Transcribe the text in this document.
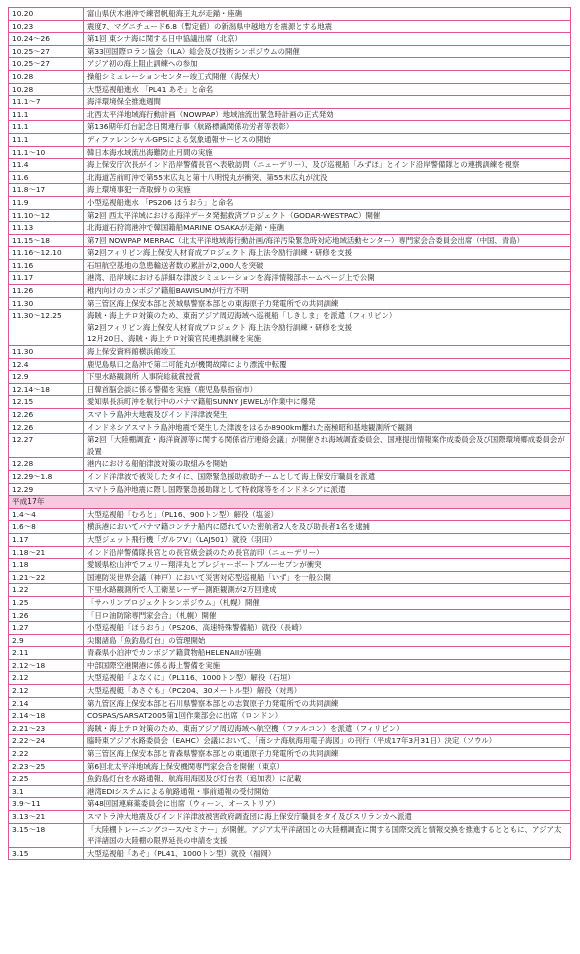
10.20	富山県伏木港沖で練習帆船海王丸が走錨・座礁
10.23	震度7、マグニチュード6.8（暫定値）の新潟県中越地方を震源とする地震
10.24～26	第1回 東シナ海に関する日中協議出席（北京）
10.25～27	第33回国際ロラン協会（ILA）総会及び技術シンポジウムの開催
10.25～27	アジア初の海上阻止訓練への参加
10.28	操船シミュレーションセンター竣工式開催（海保大）
10.28	大型巡視船進水 「PL41 あそ」と命名
11.1～7	海洋環境保全推進週間
11.1	北西太平洋地域海行動計画（NOWPAP）地域油流出緊急時計画の正式発効
11.1	第136期年灯台記念日関連行事（航路標識関係功労者等表彰）
11.1	ディファレンシャルGPSによる気象通報サービスの開始
11.1～10	韓日本海水域流出海難防止月間の実施
11.4	海上保安庁次長がインド沿岸警備長官へ表敬訪問（ニューデリー）、及び巡視船「みずほ」とインド沿岸警備隊との連携訓練を視察
11.6	北海道苫前町沖で第55末広丸と第十八明悦丸が衝突、第55末広丸が沈没
11.8～17	海上環境事犯一斉取締りの実施
11.9	小型巡視船進水 「PS206 ほうおう」と命名
11.10～12	第2回 西太平洋域における海洋データ発掘救済プロジェクト（GODAR-WESTPAC）開催
11.13	北海道石狩湾港沖で韓国籍船MARINE OSAKAが走錨・座礁
11.15～18	第7回 NOWPAP MERRAC（北太平洋地域海行動計画/海洋汚染緊急時対応地域活動センター）専門家会合委員会出席（中国、青島）
11.16～12.10	第2回フィリピン海上保安人材育成プロジェクト 海上法令励行訓練・研修を支援
11.16	石垣航空基地の急患輸送者数の累計が2,000人を突破
11.17	港湾、沿岸域における詳細な津波シミュレーションを海洋情報部ホームページ上で公開
11.26	稚内向けのカンボジア籍船BAWISUMが行方不明
11.30	第三管区海上保安本部と茨城県警察本部との東海原子力発電所での共同訓練
11.30～12.25	海賊・海上テロ対策のため、東南アジア周辺海域へ巡視船「しきしま」を派遣（フィリピン）
第2回フィリピン海上保安人材育成プロジェクト 海上法令励行訓練・研修を支援
12月20日、海賊・海上テロ対策官民連携訓練を実施
11.30	海上保安資料館横浜館竣工
12.4	鹿児島県口之島沖で第二可能丸が機関故障により漂流中転覆
12.9	下里水路観測所 人事院総裁賞授賞
12.14～18	日韓首脳会談に係る警備を実施（鹿児島県指宿市）
12.15	愛知県長浜町沖を航行中のパナマ籍船SUNNY JEWELが作業中に爆発
12.26	スマトラ島沖大地震及びインド洋津波発生
12.26	インドネシアスマトラ島沖地震で発生した津波をはるか8900km離れた南極昭和基地観測所で観測
12.27	第2回「大陸棚調査・海洋資源等に関する関係省庁連絡会議」が開催され海域調査委員会、国連提出情報案作成委員会及び国際環境郷成委員会が設置
12.28	港内における船舶津波対策の取組みを開始
12.29～1.8	インド洋津波で被災したタイに、国際緊急援助救助チームとして海上保安庁職員を派遣
12.29	スマトラ島沖地震に際し国際緊急援助隊として特救隊等をインドネシアに派遣
平成17年	
1.4～4	大型巡視船「むろと」（PL16、900トン型）解役（塩釜）
1.6～8	横浜港においてパナマ籍コンテナ船内に隠れていた密航者2人を及び助長者1名を逮捕
1.17	大型ジェット飛行機「ガルフV」（LAJ501）就役（羽田）
1.18～21	インド沿岸警備隊長官との長官級会談のため長官訪印（ニューデリー）
1.18	愛媛県松山沖でフェリー翔洋丸とプレジャーボートブルーセプンが衝突
1.21～22	国連防災世界会議（神戸）において災害対応型巡視船「いず」を一般公開
1.22	下里水路観測所で人工衛星レーザー測距観測が2万回達成
1.25	「サハリンプロジェクトシンポジウム」（札幌）開催
1.26	「日ロ油防除専門家会合」（札幌）開催
1.27	小型巡視船「ほうおう」（PS206、高速特殊警備船）就役（長崎）
2.9	尖閣諸島「魚釣島灯台」の管理開始
2.11	青森県小泊沖でカンボジア籍貨物船HELENAIIが座礁
2.12～18	中部国際空港開港に係る海上警備を実施
2.12	大型巡視船「よなくに」（PL116、1000トン型）解役（石垣）
2.12	大型巡視艇「あさぐも」（PC204、30メートル型）解役（対馬）
2.14	第九管区海上保安本部と石川県警察本部との志賀原子力発電所での共同訓練
2.14～18	COSPAS/SARSAT2005第1回作業部会に出席（ロンドン）
2.21～23	海賊・海上テロ対策のため、東南アジア周辺海域へ航空機（ファルコン）を派遣（フィリピン）
2.22～24	臨時東アジア水路委員会（EAHC）会議において、「南シナ海航海用電子海図」の刊行（平成17年3月31日）決定（ソウル）
2.22	第三管区海上保安本部と青森県警察本部との東通原子力発電所での共同訓練
2.23～25	第6回北太平洋地域海上保安機関専門家会合を開催（東京）
2.25	魚釣島灯台を水路通報、航海用海図及び灯台表（追加表）に記載
3.1	港湾EDIシステムによる航路通報・事前通報の受付開始
3.9～11	第48回国連麻薬委員会に出席（ウィーン、オーストリア）
3.13～21	スマトラ沖大地震及びインド洋津波被害政府調査団に海上保安庁職員をタイ及びスリランカへ派遣
3.15～18	「大陸棚トレーニングコース/セミナー」が開催。アジア太平洋諸国との大陸棚調査に関する国際交流と情報交換を推進するとともに、アジア太平洋諸国の大陸棚の限界延長の申請を支援
3.15	大型巡視船「あそ」（PL41、1000トン型）就役（福岡）
